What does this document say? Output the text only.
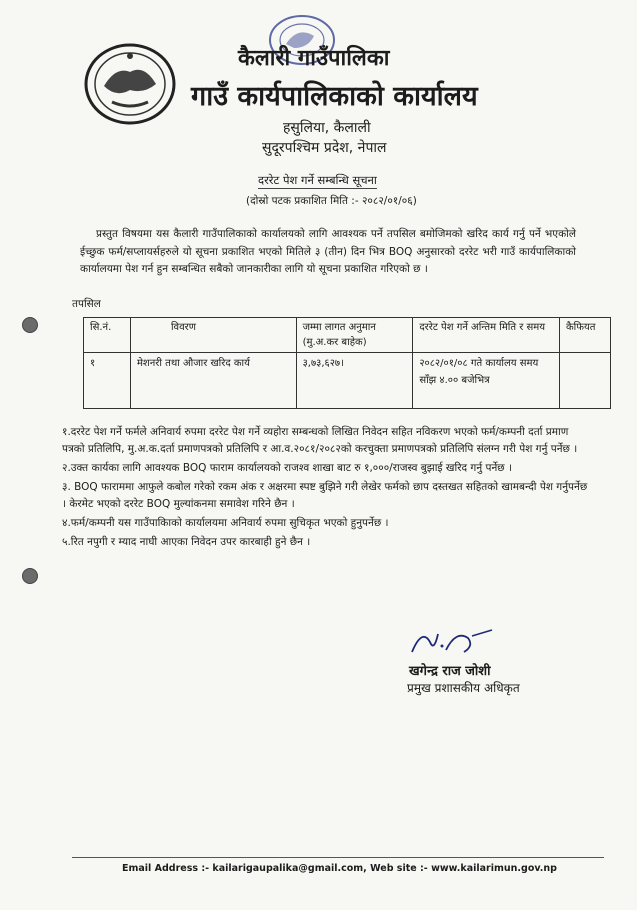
कैलारी गाउँपालिका
गाउँ कार्यपालिकाको कार्यालय
हसुलिया, कैलाली
सुदूरपश्चिम प्रदेश, नेपाल
दररेट पेश गर्ने सम्बन्धि सूचना
(दोस्रो पटक प्रकाशित मिति :- २०८२/०१/०६)
प्रस्तुत विषयमा यस कैलारी गाउँपालिकाको कार्यालयको लागि आवश्यक पर्ने तपसिल बमोजिमको खरिद कार्य गर्नु पर्ने भएकोले ईच्छुक फर्म/सप्लायर्सहरुले यो सूचना प्रकाशित भएको मितिले ३ (तीन) दिन भित्र BOQ अनुसारको दररेट भरी गाउँ कार्यपालिकाको कार्यालयमा पेश गर्न हुन सम्बन्धित सबैको जानकारीका लागि यो सूचना प्रकाशित गरिएको छ ।
तपसिल
सि.नं.	विवरण	जम्मा लागत अनुमान (मु.अ.कर बाहेक)	दररेट पेश गर्ने अन्तिम मिति र समय	कैफियत
१	मेशनरी तथा औजार खरिद कार्य	३,७३,६२७।	२०८२/०१/०८ गते कार्यालय समय साँझ ४.०० बजेभित्र	
१.दररेट पेश गर्ने फर्मले अनिवार्य रुपमा दररेट पेश गर्ने व्यहोरा सम्बन्धको लिखित निवेदन सहित नविकरण भएको फर्म/कम्पनी दर्ता प्रमाण पत्रको प्रतिलिपि, मु.अ.क.दर्ता प्रमाणपत्रको प्रतिलिपि र आ.व.२०८१/२०८२को करचुक्ता प्रमाणपत्रको प्रतिलिपि संलग्न गरी पेश गर्नु पर्नेछ ।
२.उक्त कार्यका लागि आवश्यक BOQ फाराम कार्यालयको राजश्व शाखा बाट रु १,०००/राजस्व बुझाई खरिद गर्नु पर्नेछ ।
३. BOQ फाराममा आफुले कबोल गरेको रकम अंक र अक्षरमा स्पष्ट बुझिने गरी लेखेर फर्मको छाप दस्तखत सहितको खामबन्दी पेश गर्नुपर्नेछ । केरमेट भएको दररेट BOQ मुल्यांकनमा समावेश गरिने छैन ।
४.फर्म/कम्पनी यस गाउँपाकिाको कार्यालयमा अनिवार्य रुपमा सुचिकृत भएको हुनुपर्नेछ ।
५.रित नपुगी र म्याद नाघी आएका निवेदन उपर कारबाही हुने छैन ।
खगेन्द्र राज जोशी
प्रमुख प्रशासकीय अधिकृत
Email Address :- kailarigaupalika@gmail.com, Web site :- www.kailarimun.gov.np
